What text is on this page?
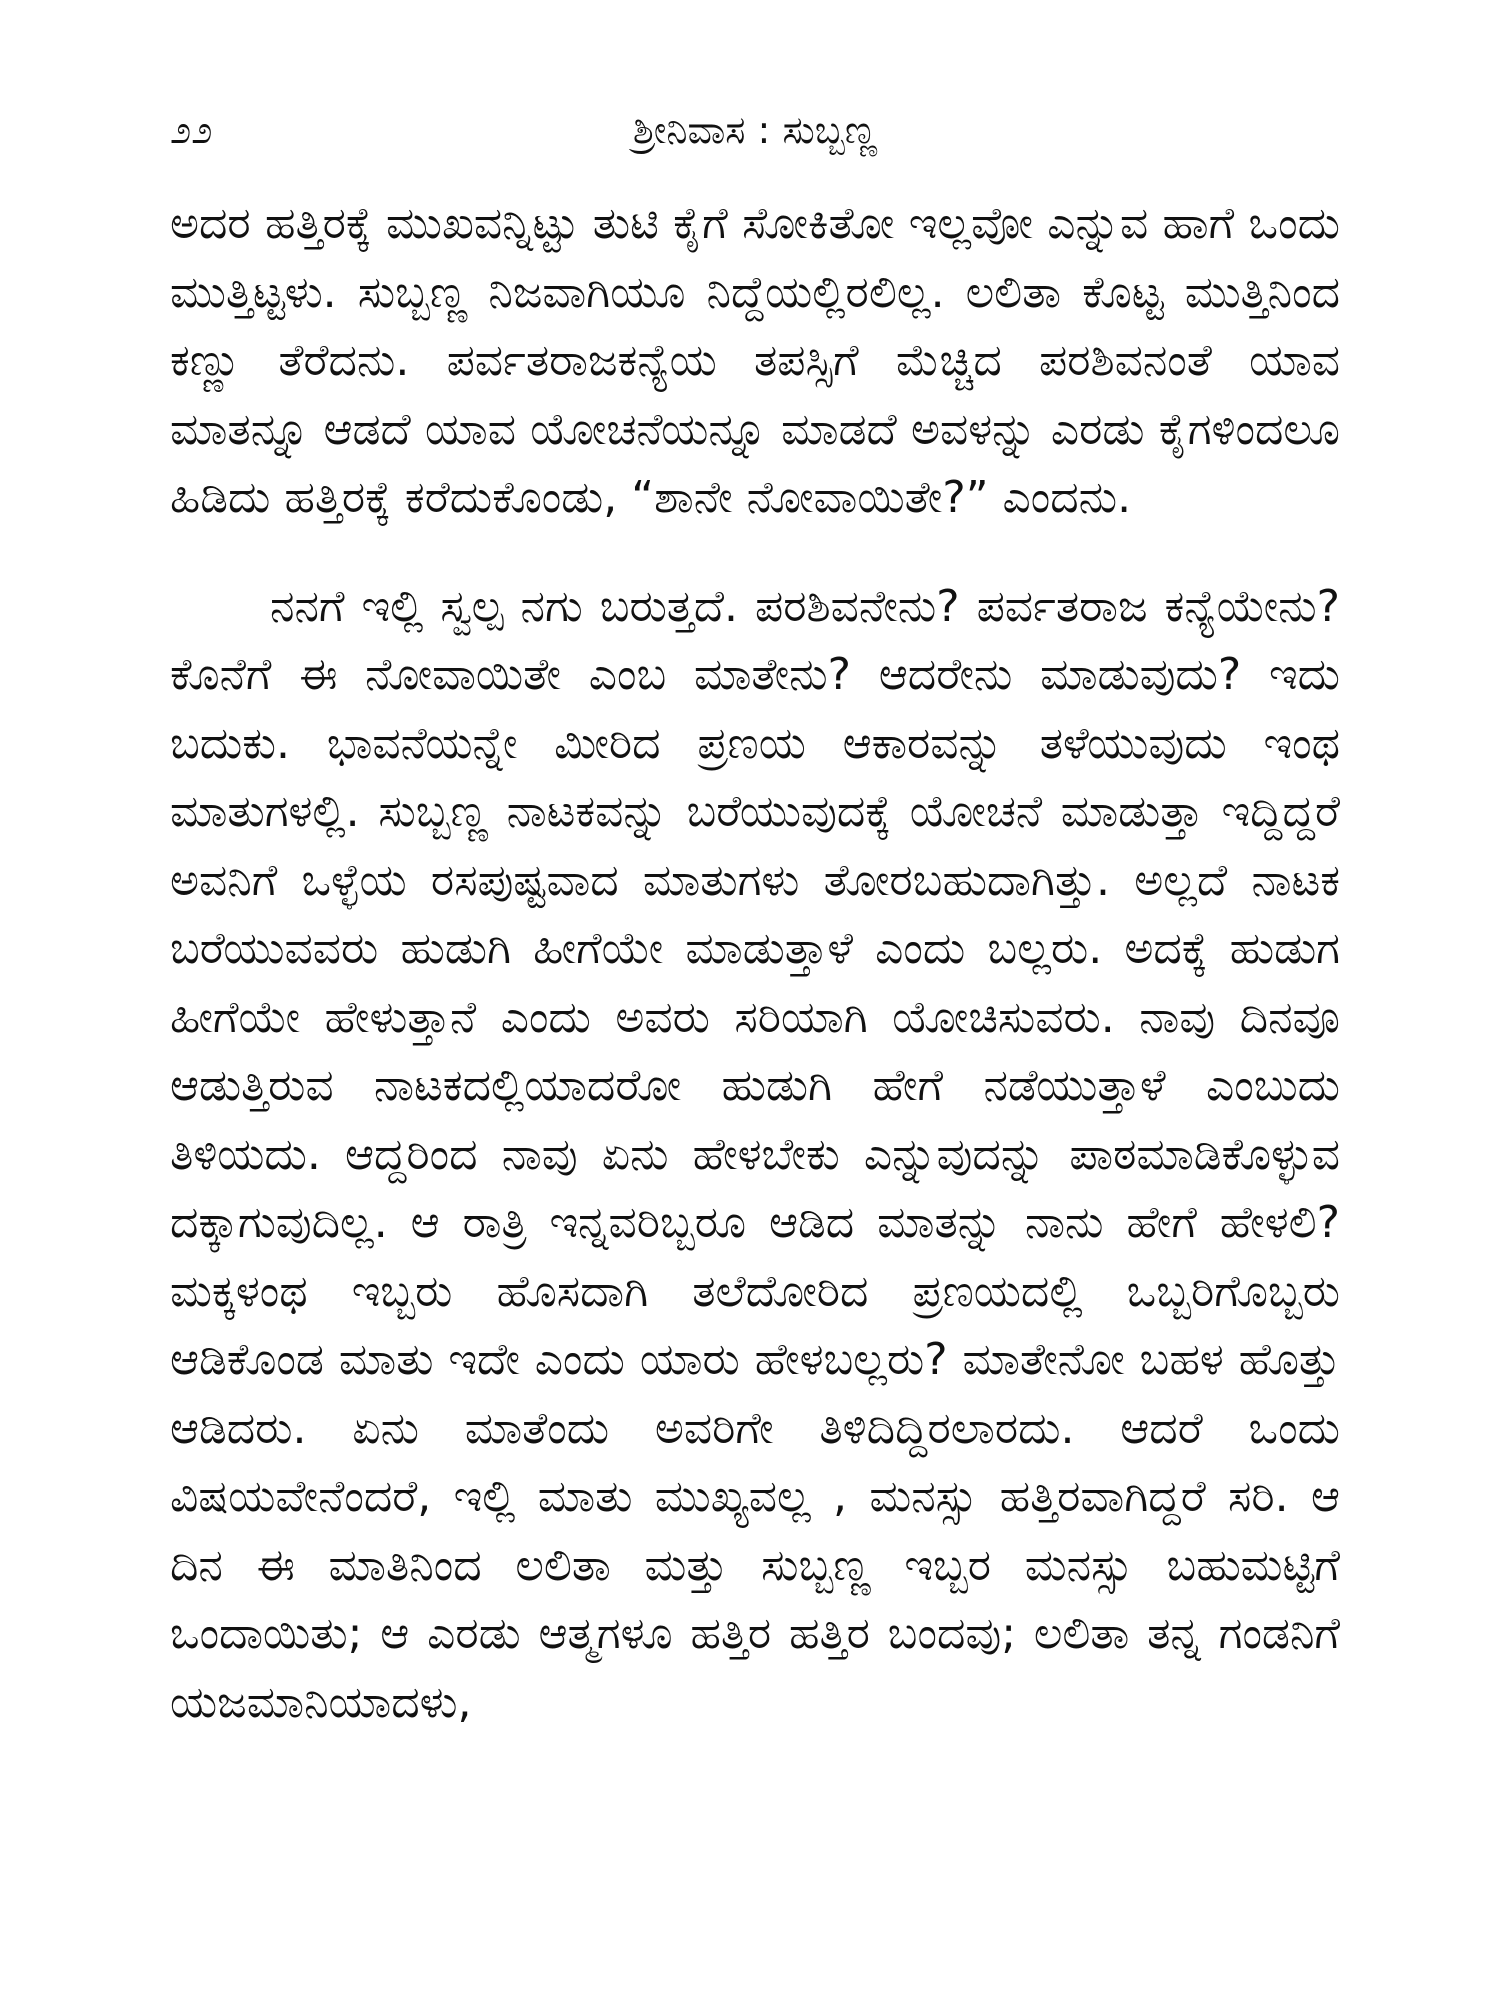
೨೨	ಶ್ರೀನಿವಾಸ : ಸುಬ್ಬಣ್ಣ

ಅದರ ಹತ್ತಿರಕ್ಕೆ ಮುಖವನ್ನಿಟ್ಟು ತುಟಿ ಕೈಗೆ ಸೋಕಿತೋ ಇಲ್ಲವೋ ಎನ್ನುವ ಹಾಗೆ ಒಂದು ಮುತ್ತಿಟ್ಟಳು. ಸುಬ್ಬಣ್ಣ ನಿಜವಾಗಿಯೂ ನಿದ್ದೆಯಲ್ಲಿರಲಿಲ್ಲ. ಲಲಿತಾ ಕೊಟ್ಟ ಮುತ್ತಿನಿಂದ ಕಣ್ಣು ತೆರೆದನು. ಪರ್ವತರಾಜಕನ್ಯೆಯ ತಪಸ್ಸಿಗೆ ಮೆಚ್ಚಿದ ಪರಶಿವನಂತೆ ಯಾವ ಮಾತನ್ನೂ ಆಡದೆ ಯಾವ ಯೋಚನೆಯನ್ನೂ ಮಾಡದೆ ಅವಳನ್ನು ಎರಡು ಕೈಗಳಿಂದಲೂ ಹಿಡಿದು ಹತ್ತಿರಕ್ಕೆ ಕರೆದುಕೊಂಡು, “ಶಾನೇ ನೋವಾಯಿತೇ?” ಎಂದನು.

ನನಗೆ ಇಲ್ಲಿ ಸ್ವಲ್ಪ ನಗು ಬರುತ್ತದೆ. ಪರಶಿವನೇನು? ಪರ್ವತರಾಜ ಕನ್ಯೆಯೇನು? ಕೊನೆಗೆ ಈ ನೋವಾಯಿತೇ ಎಂಬ ಮಾತೇನು? ಆದರೇನು ಮಾಡುವುದು? ಇದು ಬದುಕು. ಭಾವನೆಯನ್ನೇ ಮೀರಿದ ಪ್ರಣಯ ಆಕಾರವನ್ನು ತಳೆಯುವುದು ಇಂಥ ಮಾತುಗಳಲ್ಲಿ. ಸುಬ್ಬಣ್ಣ ನಾಟಕವನ್ನು ಬರೆಯುವುದಕ್ಕೆ ಯೋಚನೆ ಮಾಡುತ್ತಾ ಇದ್ದಿದ್ದರೆ ಅವನಿಗೆ ಒಳ್ಳೆಯ ರಸಪುಷ್ಟವಾದ ಮಾತುಗಳು ತೋರಬಹುದಾಗಿತ್ತು. ಅಲ್ಲದೆ ನಾಟಕ ಬರೆಯುವವರು ಹುಡುಗಿ ಹೀಗೆಯೇ ಮಾಡುತ್ತಾಳೆ ಎಂದು ಬಲ್ಲರು. ಅದಕ್ಕೆ ಹುಡುಗ ಹೀಗೆಯೇ ಹೇಳುತ್ತಾನೆ ಎಂದು ಅವರು ಸರಿಯಾಗಿ ಯೋಚಿಸುವರು. ನಾವು ದಿನವೂ ಆಡುತ್ತಿರುವ ನಾಟಕದಲ್ಲಿಯಾದರೋ ಹುಡುಗಿ ಹೇಗೆ ನಡೆಯುತ್ತಾಳೆ ಎಂಬುದು ತಿಳಿಯದು. ಆದ್ದರಿಂದ ನಾವು ಏನು ಹೇಳಬೇಕು ಎನ್ನುವುದನ್ನು ಪಾಠಮಾಡಿಕೊಳ್ಳುವ ದಕ್ಕಾಗುವುದಿಲ್ಲ. ಆ ರಾತ್ರಿ ಇನ್ನವರಿಬ್ಬರೂ ಆಡಿದ ಮಾತನ್ನು ನಾನು ಹೇಗೆ ಹೇಳಲಿ? ಮಕ್ಕಳಂಥ ಇಬ್ಬರು ಹೊಸದಾಗಿ ತಲೆದೋರಿದ ಪ್ರಣಯದಲ್ಲಿ ಒಬ್ಬರಿಗೊಬ್ಬರು ಆಡಿಕೊಂಡ ಮಾತು ಇದೇ ಎಂದು ಯಾರು ಹೇಳಬಲ್ಲರು? ಮಾತೇನೋ ಬಹಳ ಹೊತ್ತು ಆಡಿದರು. ಏನು ಮಾತೆಂದು ಅವರಿಗೇ ತಿಳಿದಿದ್ದಿರಲಾರದು. ಆದರೆ ಒಂದು ವಿಷಯವೇನೆಂದರೆ, ಇಲ್ಲಿ ಮಾತು ಮುಖ್ಯವಲ್ಲ , ಮನಸ್ಸು ಹತ್ತಿರವಾಗಿದ್ದರೆ ಸರಿ. ಆ ದಿನ ಈ ಮಾತಿನಿಂದ ಲಲಿತಾ ಮತ್ತು ಸುಬ್ಬಣ್ಣ ಇಬ್ಬರ ಮನಸ್ಸು ಬಹುಮಟ್ಟಿಗೆ ಒಂದಾಯಿತು; ಆ ಎರಡು ಆತ್ಮಗಳೂ ಹತ್ತಿರ ಹತ್ತಿರ ಬಂದವು; ಲಲಿತಾ ತನ್ನ ಗಂಡನಿಗೆ ಯಜಮಾನಿಯಾದಳು,
